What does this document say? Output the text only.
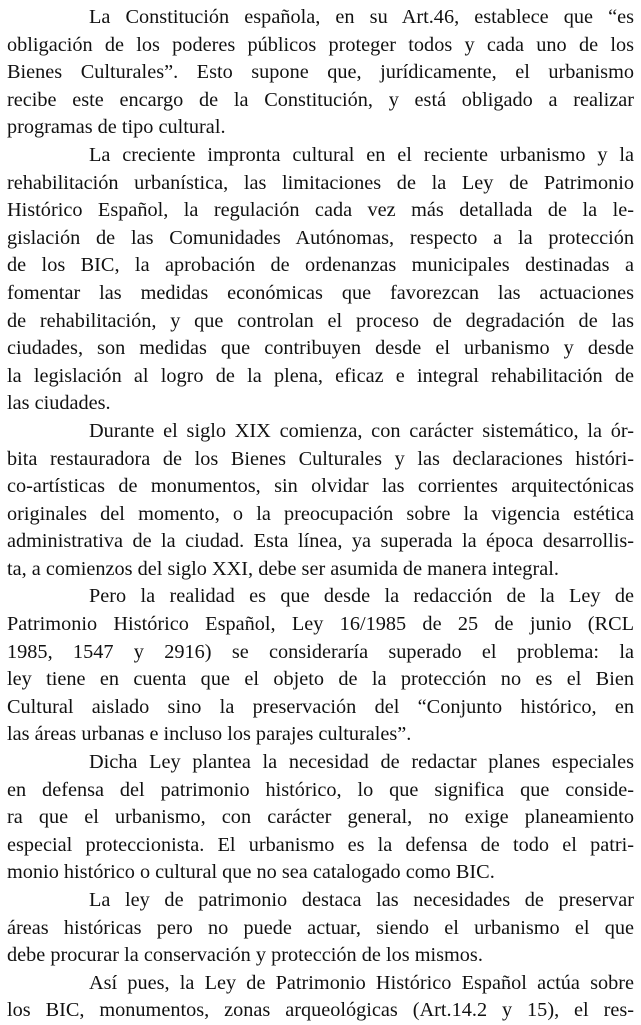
La Constitución española, en su Art.46, establece que “es
obligación de los poderes públicos proteger todos y cada uno de los
Bienes Culturales”. Esto supone que, jurídicamente, el urbanismo
recibe este encargo de la Constitución, y está obligado a realizar
programas de tipo cultural.
La creciente impronta cultural en el reciente urbanismo y la
rehabilitación urbanística, las limitaciones de la Ley de Patrimonio
Histórico Español, la regulación cada vez más detallada de la le-
gislación de las Comunidades Autónomas, respecto a la protección
de los BIC, la aprobación de ordenanzas municipales destinadas a
fomentar las medidas económicas que favorezcan las actuaciones
de rehabilitación, y que controlan el proceso de degradación de las
ciudades, son medidas que contribuyen desde el urbanismo y desde
la legislación al logro de la plena, eficaz e integral rehabilitación de
las ciudades.
Durante el siglo XIX comienza, con carácter sistemático, la ór-
bita restauradora de los Bienes Culturales y las declaraciones históri-
co-artísticas de monumentos, sin olvidar las corrientes arquitectónicas
originales del momento, o la preocupación sobre la vigencia estética
administrativa de la ciudad. Esta línea, ya superada la época desarrollis-
ta, a comienzos del siglo XXI, debe ser asumida de manera integral.
Pero la realidad es que desde la redacción de la Ley de
Patrimonio Histórico Español, Ley 16/1985 de 25 de junio (RCL
1985, 1547 y 2916) se consideraría superado el problema: la
ley tiene en cuenta que el objeto de la protección no es el Bien
Cultural aislado sino la preservación del “Conjunto histórico, en
las áreas urbanas e incluso los parajes culturales”.
Dicha Ley plantea la necesidad de redactar planes especiales
en defensa del patrimonio histórico, lo que significa que conside-
ra que el urbanismo, con carácter general, no exige planeamiento
especial proteccionista. El urbanismo es la defensa de todo el patri-
monio histórico o cultural que no sea catalogado como BIC.
La ley de patrimonio destaca las necesidades de preservar
áreas históricas pero no puede actuar, siendo el urbanismo el que
debe procurar la conservación y protección de los mismos.
Así pues, la Ley de Patrimonio Histórico Español actúa sobre
los BIC, monumentos, zonas arqueológicas (Art.14.2 y 15), el res-
